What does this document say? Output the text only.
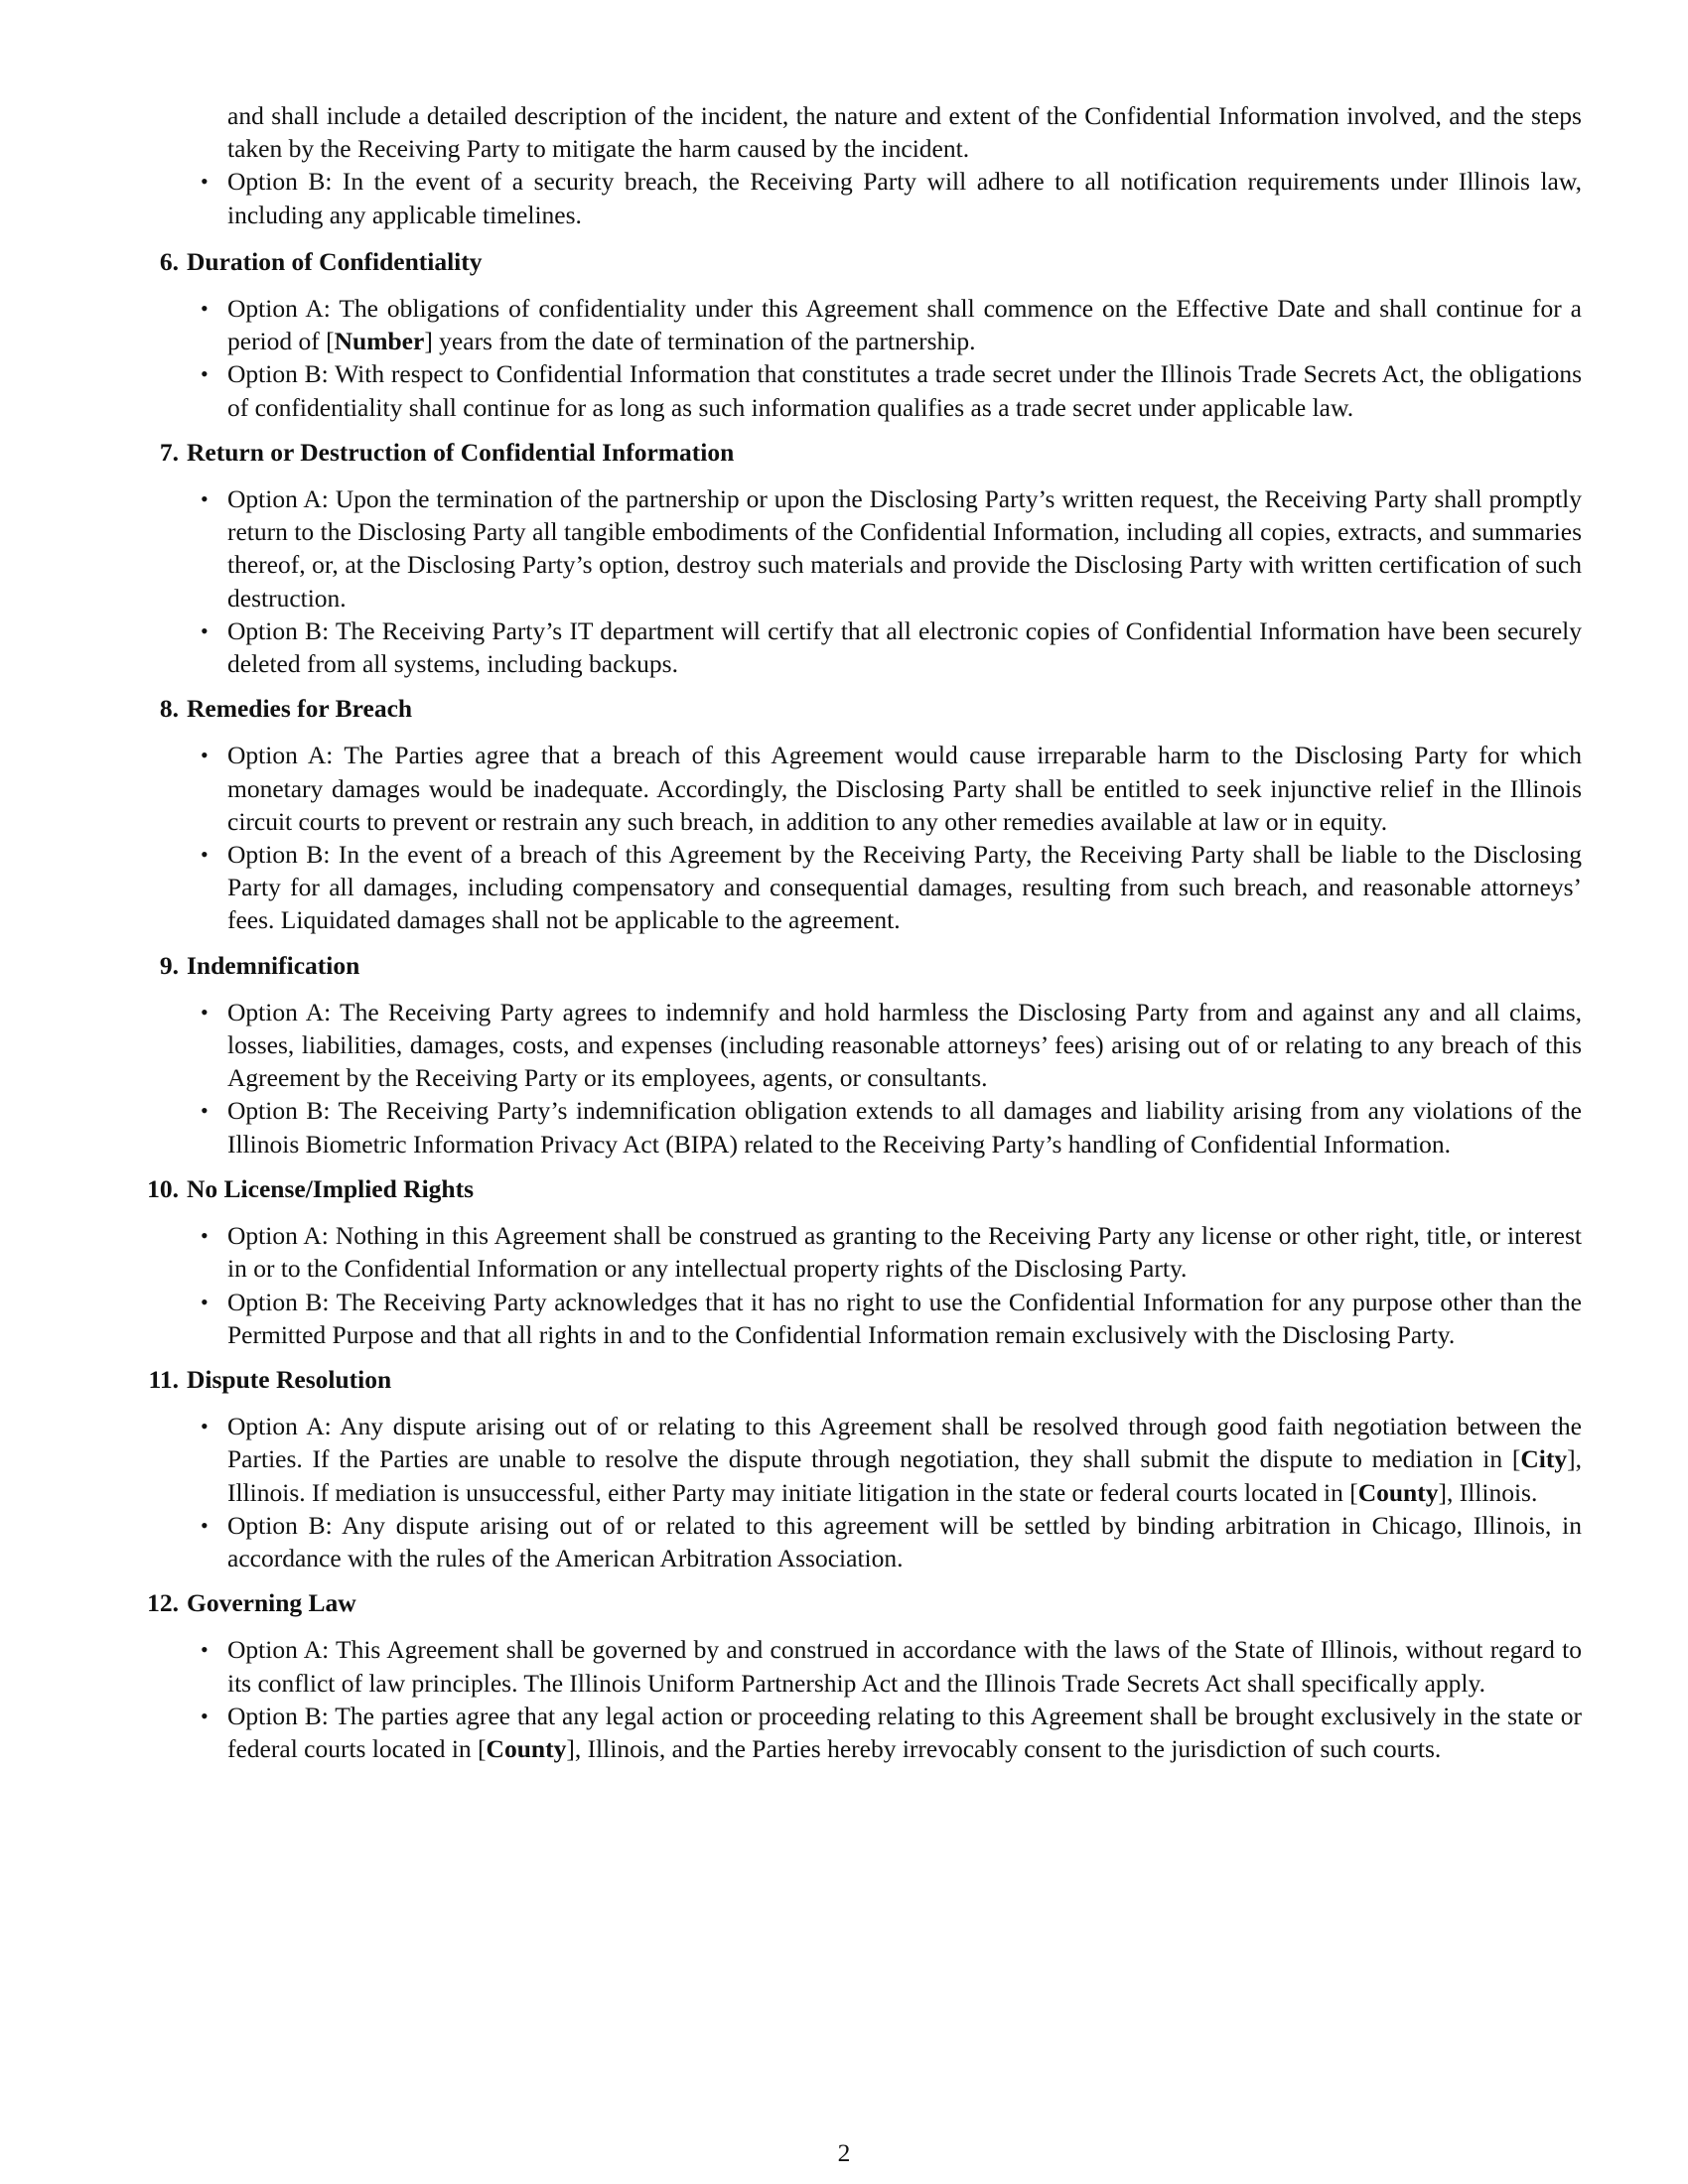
and shall include a detailed description of the incident, the nature and extent of the Confidential Information involved, and the steps taken by the Receiving Party to mitigate the harm caused by the incident.
• Option B: In the event of a security breach, the Receiving Party will adhere to all notification requirements under Illinois law, including any applicable timelines.
6. Duration of Confidentiality
• Option A: The obligations of confidentiality under this Agreement shall commence on the Effective Date and shall continue for a period of [Number] years from the date of termination of the partnership.
• Option B: With respect to Confidential Information that constitutes a trade secret under the Illinois Trade Secrets Act, the obligations of confidentiality shall continue for as long as such information qualifies as a trade secret under applicable law.
7. Return or Destruction of Confidential Information
• Option A: Upon the termination of the partnership or upon the Disclosing Party’s written request, the Receiving Party shall promptly return to the Disclosing Party all tangible embodiments of the Confidential Information, including all copies, extracts, and summaries thereof, or, at the Disclosing Party’s option, destroy such materials and provide the Disclosing Party with written certification of such destruction.
• Option B: The Receiving Party’s IT department will certify that all electronic copies of Confidential Information have been securely deleted from all systems, including backups.
8. Remedies for Breach
• Option A: The Parties agree that a breach of this Agreement would cause irreparable harm to the Disclosing Party for which monetary damages would be inadequate. Accordingly, the Disclosing Party shall be entitled to seek injunctive relief in the Illinois circuit courts to prevent or restrain any such breach, in addition to any other remedies available at law or in equity.
• Option B: In the event of a breach of this Agreement by the Receiving Party, the Receiving Party shall be liable to the Disclosing Party for all damages, including compensatory and consequential damages, resulting from such breach, and reasonable attorneys’ fees. Liquidated damages shall not be applicable to the agreement.
9. Indemnification
• Option A: The Receiving Party agrees to indemnify and hold harmless the Disclosing Party from and against any and all claims, losses, liabilities, damages, costs, and expenses (including reasonable attorneys’ fees) arising out of or relating to any breach of this Agreement by the Receiving Party or its employees, agents, or consultants.
• Option B: The Receiving Party’s indemnification obligation extends to all damages and liability arising from any violations of the Illinois Biometric Information Privacy Act (BIPA) related to the Receiving Party’s handling of Confidential Information.
10. No License/Implied Rights
• Option A: Nothing in this Agreement shall be construed as granting to the Receiving Party any license or other right, title, or interest in or to the Confidential Information or any intellectual property rights of the Disclosing Party.
• Option B: The Receiving Party acknowledges that it has no right to use the Confidential Information for any purpose other than the Permitted Purpose and that all rights in and to the Confidential Information remain exclusively with the Disclosing Party.
11. Dispute Resolution
• Option A: Any dispute arising out of or relating to this Agreement shall be resolved through good faith negotiation between the Parties. If the Parties are unable to resolve the dispute through negotiation, they shall submit the dispute to mediation in [City], Illinois. If mediation is unsuccessful, either Party may initiate litigation in the state or federal courts located in [County], Illinois.
• Option B: Any dispute arising out of or related to this agreement will be settled by binding arbitration in Chicago, Illinois, in accordance with the rules of the American Arbitration Association.
12. Governing Law
• Option A: This Agreement shall be governed by and construed in accordance with the laws of the State of Illinois, without regard to its conflict of law principles. The Illinois Uniform Partnership Act and the Illinois Trade Secrets Act shall specifically apply.
• Option B: The parties agree that any legal action or proceeding relating to this Agreement shall be brought exclusively in the state or federal courts located in [County], Illinois, and the Parties hereby irrevocably consent to the jurisdiction of such courts.
2
